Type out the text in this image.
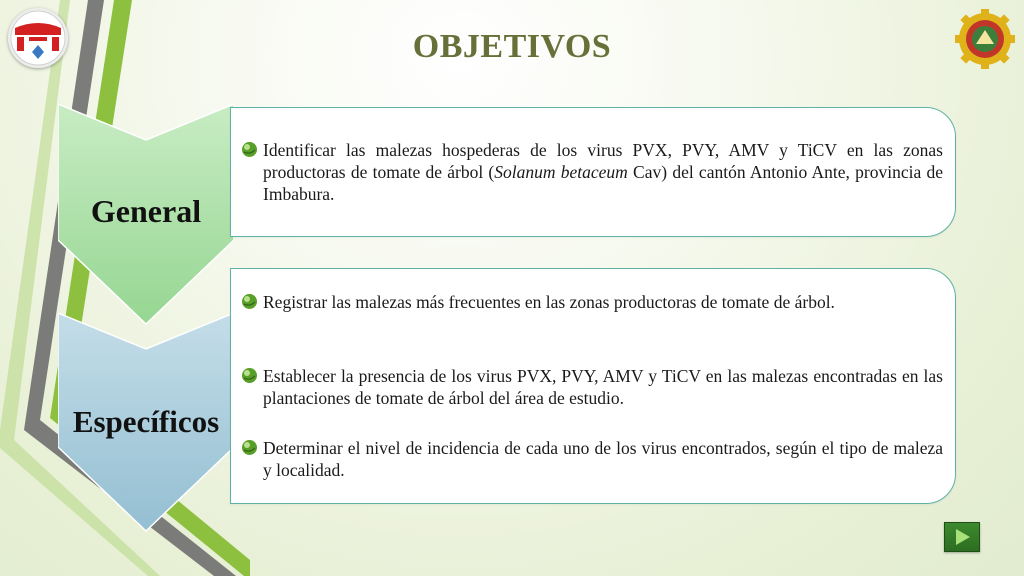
OBJETIVOS
General
Específicos
Identificar las malezas hospederas de los virus PVX, PVY, AMV y TiCV en las zonas productoras de tomate de árbol (Solanum betaceum Cav) del cantón Antonio Ante, provincia de Imbabura.
Registrar las malezas más frecuentes en las zonas productoras de tomate de árbol.
Establecer la presencia de los virus PVX, PVY, AMV y TiCV en las malezas encontradas en las plantaciones de tomate de árbol del área de estudio.
Determinar el nivel de incidencia de cada uno de los virus encontrados, según el tipo de maleza y localidad.
